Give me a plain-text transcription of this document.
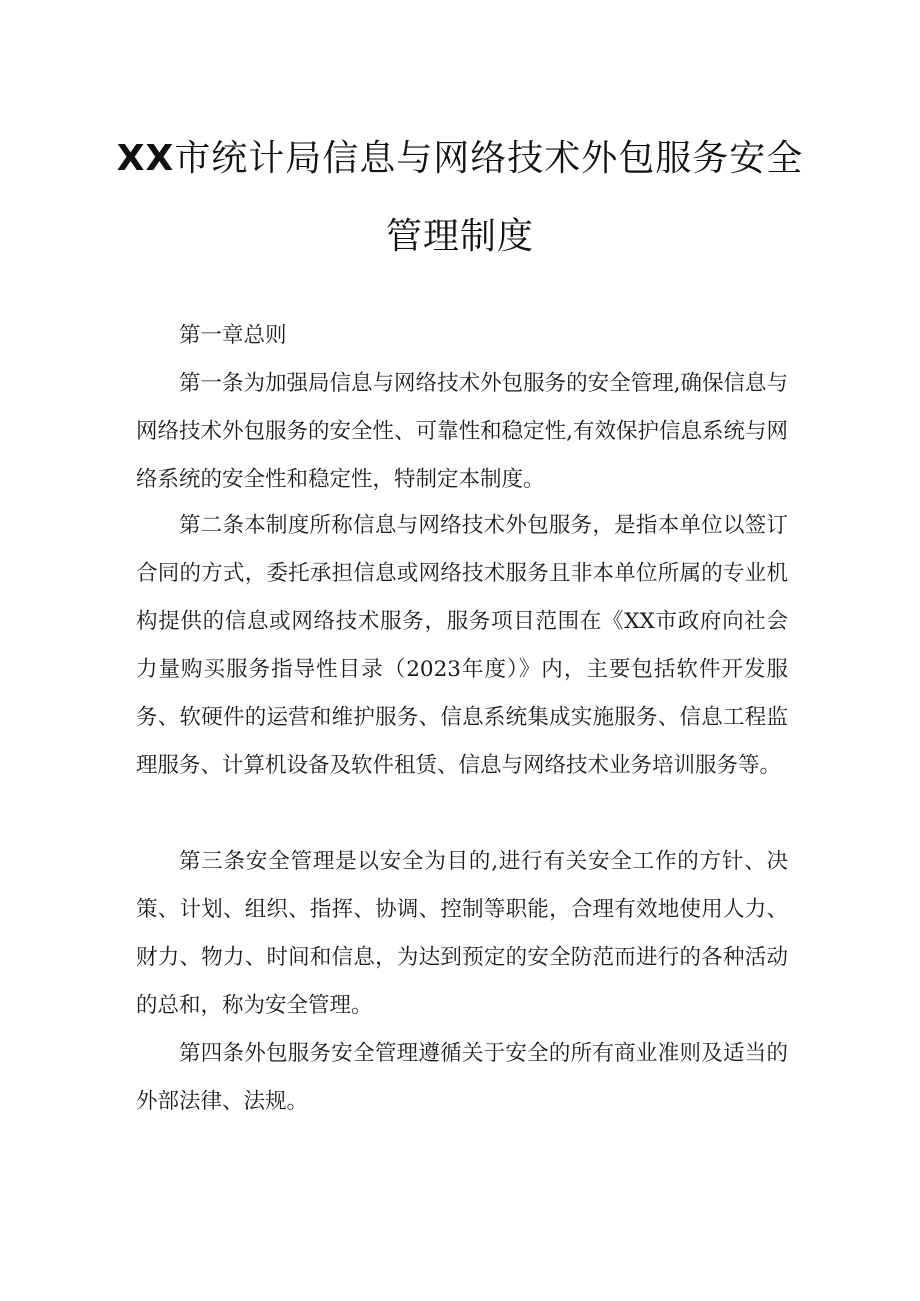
XX市统计局信息与网络技术外包服务安全
管理制度

第一章总则

第一条为加强局信息与网络技术外包服务的安全管理,确保信息与网络技术外包服务的安全性、可靠性和稳定性,有效保护信息系统与网络系统的安全性和稳定性，特制定本制度。

第二条本制度所称信息与网络技术外包服务，是指本单位以签订合同的方式，委托承担信息或网络技术服务且非本单位所属的专业机构提供的信息或网络技术服务，服务项目范围在《XX市政府向社会力量购买服务指导性目录（2023年度）》内，主要包括软件开发服务、软硬件的运营和维护服务、信息系统集成实施服务、信息工程监理服务、计算机设备及软件租赁、信息与网络技术业务培训服务等。

第三条安全管理是以安全为目的,进行有关安全工作的方针、决策、计划、组织、指挥、协调、控制等职能，合理有效地使用人力、财力、物力、时间和信息，为达到预定的安全防范而进行的各种活动的总和，称为安全管理。

第四条外包服务安全管理遵循关于安全的所有商业准则及适当的外部法律、法规。
